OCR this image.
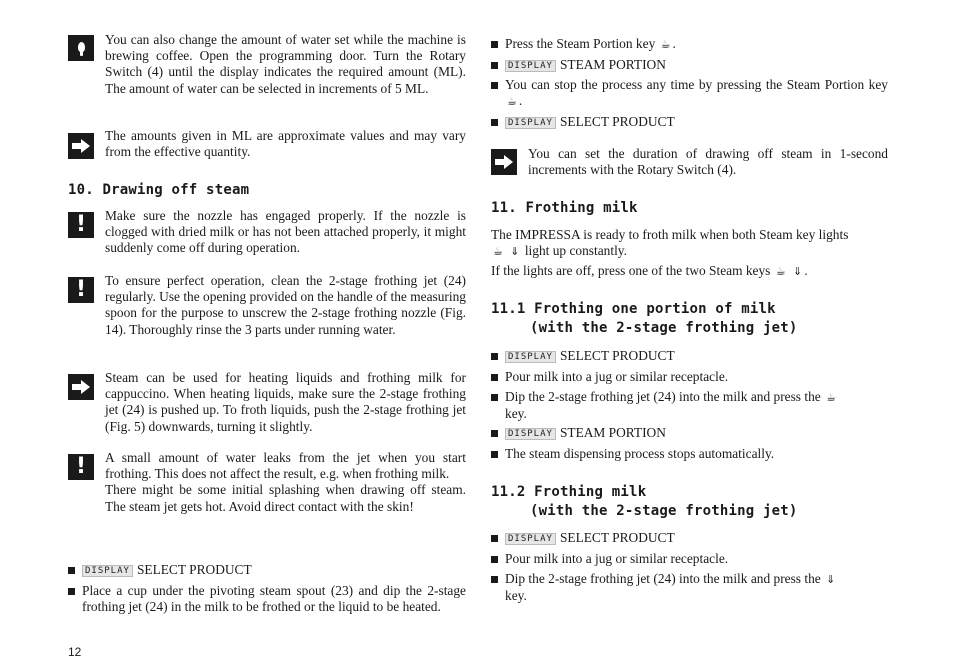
You can also change the amount of water set while the machine is brewing coffee. Open the programming door. Turn the Rotary Switch (4) until the display indicates the required amount (ML). The amount of water can be selected in increments of 5 ML.
The amounts given in ML are approximate values and may vary from the effective quantity.
10. Drawing off steam
!	Make sure the nozzle has engaged properly. If the nozzle is clogged with dried milk or has not been attached properly, it might suddenly come off during operation.
!	To ensure perfect operation, clean the 2-stage frothing jet (24) regularly. Use the opening provided on the handle of the measuring spoon for the purpose to unscrew the 2-stage frothing nozzle (Fig. 14). Thoroughly rinse the 3 parts under running water.
Steam can be used for heating liquids and frothing milk for cappuccino. When heating liquids, make sure the 2-stage frothing jet (24) is pushed up. To froth liquids, push the 2-stage frothing jet (Fig. 5) downwards, turning it slightly.
!	A small amount of water leaks from the jet when you start frothing. This does not affect the result, e.g. when frothing milk.
There might be some initial splashing when drawing off steam. The steam jet gets hot. Avoid direct contact with the skin!
DISPLAY SELECT PRODUCT
Place a cup under the pivoting steam spout (23) and dip the 2-stage frothing jet (24) in the milk to be frothed or the liquid to be heated.
Press the Steam Portion key ☕ .
DISPLAY STEAM PORTION
You can stop the process any time by pressing the Steam Portion key ☕ .
DISPLAY SELECT PRODUCT
You can set the duration of drawing off steam in 1-second increments with the Rotary Switch (4).
11. Frothing milk
The IMPRESSA is ready to froth milk when both Steam key lights
☕ ⇓ light up constantly.
If the lights are off, press one of the two Steam keys ☕ ⇓ .
11.1 Frothing one portion of milk
(with the 2-stage frothing jet)
DISPLAY SELECT PRODUCT
Pour milk into a jug or similar receptacle.
Dip the 2-stage frothing jet (24) into the milk and press the ☕
key.
DISPLAY STEAM PORTION
The steam dispensing process stops automatically.
11.2 Frothing milk
(with the 2-stage frothing jet)
DISPLAY SELECT PRODUCT
Pour milk into a jug or similar receptacle.
Dip the 2-stage frothing jet (24) into the milk and press the ⇓
key.
12
